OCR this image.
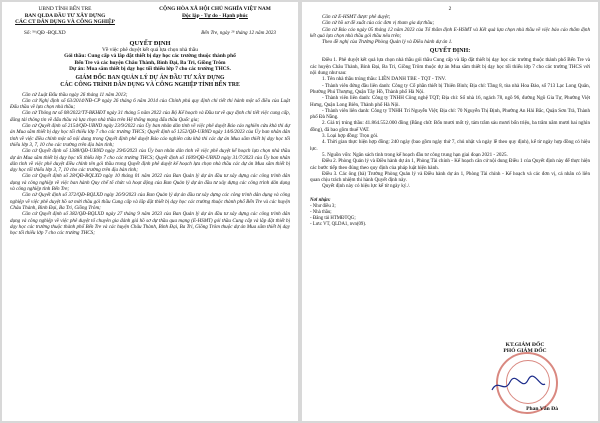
UBND TỈNH BẾN TRE
BAN QLDA ĐẦU TƯ XÂY DỰNG
CÁC CT DÂN DỤNG VÀ CÔNG NGHIỆP
CỘNG HÒA XÃ HỘI CHỦ NGHĨA VIỆT NAM
Độc lập - Tự do - Hạnh phúc
Số: ⁵⁶/QĐ -BQLXD	Bến Tre, ngày ²⁶ tháng 12 năm 2023
QUYẾT ĐỊNH
Về việc phê duyệt kết quả lựa chọn nhà thầu
Gói thầu: Cung cấp và lắp đặt thiết bị dạy học các trường thuộc thành phố
Bến Tre và các huyện Châu Thành, Bình Đại, Ba Tri, Giồng Trôm
Dự án: Mua sắm thiết bị dạy học tối thiểu lớp 7 cho các trường THCS.
GIÁM ĐỐC BAN QUẢN LÝ DỰ ÁN ĐẦU TƯ XÂY DỰNG
CÁC CÔNG TRÌNH DÂN DỤNG VÀ CÔNG NGHIỆP TỈNH BẾN TRE

Căn cứ Luật Đấu thầu ngày 26 tháng 11 năm 2013;

Căn cứ Nghị định số 63/2014/NĐ-CP ngày 26 tháng 6 năm 2014 của Chính phủ quy định chi tiết thi hành một số điều của Luật Đấu thầu về lựa chọn nhà thầu;

Căn cứ Thông tư số 08/2022/TT-BKHĐT ngày 31 tháng 5 năm 2022 của Bộ Kế hoạch và Đầu tư về quy định chi tiết việc cung cấp, đăng tải thông tin về đấu thầu và lựa chọn nhà thầu trên Hệ thống mạng đấu thầu Quốc gia;

Căn cứ Quyết định số 2154/QĐ-UBND ngày 23/9/2022 của Ủy ban nhân dân tỉnh về việc phê duyệt Báo cáo nghiên cứu khả thi dự án Mua sắm thiết bị dạy học tối thiểu lớp 7 cho các trường THCS; Quyết định số 1252/QĐ-UBND ngày 14/6/2023 của Ủy ban nhân dân tỉnh về việc điều chỉnh một số nội dung trong Quyết định phê duyệt Báo cáo nghiên cứu khả thi các dự án Mua sắm thiết bị dạy học tối thiểu lớp 3, 7, 10 cho các trường trên địa bàn tỉnh;

Căn cứ Quyết định số 1388/QĐ-UBND ngày 29/6/2023 của Ủy ban nhân dân tỉnh về việc phê duyệt kế hoạch lựa chọn nhà thầu dự án Mua sắm thiết bị dạy học tối thiểu lớp 7 cho các trường THCS; Quyết định số 1609/QĐ-UBND ngày 31/7/2023 của Ủy ban nhân dân tỉnh về việc phê duyệt điều chỉnh tên gói thầu trong Quyết định phê duyệt kế hoạch lựa chọn nhà thầu các dự án Mua sắm thiết bị dạy học tối thiểu lớp 3, 7, 10 cho các trường trên địa bàn tỉnh;

Căn cứ Quyết định số 28/QĐ-BQLXD ngày 10 tháng 01 năm 2022 của Ban Quản lý dự án đầu tư xây dựng các công trình dân dụng và công nghiệp về việc ban hành Quy chế tổ chức và hoạt động của Ban Quản lý dự án đầu tư xây dựng các công trình dân dụng và công nghiệp tỉnh Bến Tre;

Căn cứ Quyết định số 372/QĐ-BQLXD ngày 26/9/2023 của Ban Quản lý dự án đầu tư xây dựng các công trình dân dụng và công nghiệp về việc phê duyệt hồ sơ mời thầu gói thầu Cung cấp và lắp đặt thiết bị dạy học các trường thuộc thành phố Bến Tre và các huyện Châu Thành, Bình Đại, Ba Tri, Giồng Trôm;

Căn cứ Quyết định số 382/QĐ-BQLXD ngày 27 tháng 9 năm 2023 của Ban Quản lý dự án đầu tư xây dựng các công trình dân dụng và công nghiệp về việc phê duyệt tổ chuyên gia đánh giá hồ sơ dự thầu qua mạng (E-HSMT) gói thầu Cung cấp và lắp đặt thiết bị dạy học các trường thuộc thành phố Bến Tre và các huyện Châu Thành, Bình Đại, Ba Tri, Giồng Trôm thuộc dự án Mua sắm thiết bị dạy học tối thiểu lớp 7 cho các trường THCS;

2

Căn cứ E-HSMT được phê duyệt;

Căn cứ hồ sơ đề xuất của các đơn vị tham gia dự thầu;

Căn cứ Báo cáo ngày 05 tháng 12 năm 2023 của Tổ thẩm định E-HSMT và Kết quả lựa chọn nhà thầu về việc báo cáo thẩm định kết quả lựa chọn nhà thầu gói thầu nêu trên;

Theo đề nghị của Trưởng Phòng Quản lý và Điều hành dự án 1.

QUYẾT ĐỊNH:

Điều 1. Phê duyệt kết quả lựa chọn nhà thầu gói thầu Cung cấp và lắp đặt thiết bị dạy học các trường thuộc thành phố Bến Tre và các huyện Châu Thành, Bình Đại, Ba Tri, Giồng Trôm thuộc dự án Mua sắm thiết bị dạy học tối thiểu lớp 7 cho các trường THCS với nội dung như sau:

1. Tên nhà thầu trúng thầu: LIÊN DANH TBE - TQT - TNV.

- Thành viên đứng đầu liên danh: Công ty Cổ phần thiết bị Thiên Bình; Địa chỉ: Tầng 8, tòa nhà Hoa Đào, số 713 Lạc Long Quân, Phường Phú Thượng, Quận Tây Hồ, Thành phố Hà Nội.

- Thành viên liên danh: Công ty TNHH Công nghệ TQT; Địa chỉ: Số nhà 16, ngách 78, ngõ 96, đường Ngõ Gia Tự, Phường Việt Hưng, Quận Long Biên, Thành phố Hà Nội.

- Thành viên liên danh: Công ty TNHH Trí Nguyễn Việt; Địa chỉ: 70 Nguyễn Thị Định, Phường An Hải Bắc, Quận Sơn Trà, Thành phố Đà Nẵng.

2. Giá trị trúng thầu: 41.864.552.000 đồng (Bằng chữ: Bốn mươi mốt tỷ, tám trăm sáu mươi bốn triệu, ba trăm năm mươi hai nghìn đồng), đã bao gồm thuế VAT.

3. Loại hợp đồng: Trọn gói.

4. Thời gian thực hiện hợp đồng: 240 ngày (bao gồm ngày thứ 7, chủ nhật và ngày lễ theo quy định), kể từ ngày hợp đồng có hiệu lực.

5. Nguồn vốn: Ngân sách tỉnh trong kế hoạch đầu tư công trung hạn giai đoạn 2021 - 2025.

Điều 2. Phòng Quản lý và Điều hành dự án 1, Phòng Tài chính - Kế hoạch căn cứ nội dung Điều 1 của Quyết định này để thực hiện các bước tiếp theo đúng theo quy định của pháp luật hiện hành.

Điều 3. Các ông (bà) Trưởng Phòng Quản lý và Điều hành dự án 1, Phòng Tài chính - Kế hoạch và các đơn vị, cá nhân có liên quan chịu trách nhiệm thi hành Quyết định này.

Quyết định này có hiệu lực kể từ ngày ký./.

Nơi nhận:
- Như điều 3;
- Nhà thầu;
- Đăng tải HTMĐTQG;
- Lưu: VT, QLDA1, nvn(09).
KT.GIÁM ĐỐC
PHÓ GIÁM ĐỐC
Phan Văn Đà
